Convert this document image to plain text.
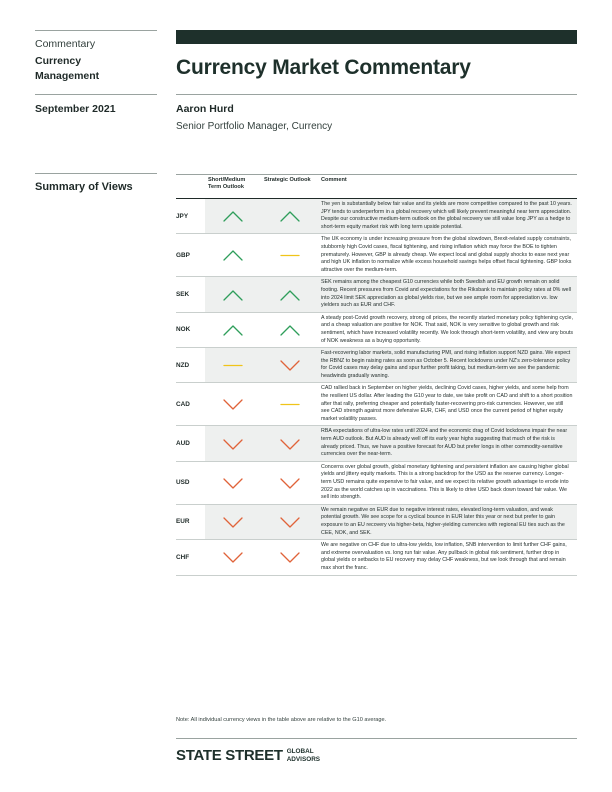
Commentary
Currency Management
September 2021
Summary of Views
Currency Market Commentary
Aaron Hurd
Senior Portfolio Manager, Currency
	Short/Medium Term Outlook	Strategic Outlook	Comment
JPY			The yen is substantially below fair value and its yields are more competitive compared to the past 10 years. JPY tends to underperform in a global recovery which will likely prevent meaningful near term appreciation. Despite our constructive medium-term outlook on the global recovery we still value long JPY as a hedge to short-term equity market risk with long term upside potential.
GBP			The UK economy is under increasing pressure from the global slowdown, Brexit-related supply constraints, stubbornly high Covid cases, fiscal tightening, and rising inflation which may force the BOE to tighten prematurely. However, GBP is already cheap. We expect local and global supply shocks to ease next year and high UK inflation to normalize while excess household savings helps offset fiscal tightening. GBP looks attractive over the medium-term.
SEK			SEK remains among the cheapest G10 currencies while both Swedish and EU growth remain on solid footing. Recent pressures from Covid and expectations for the Riksbank to maintain policy rates at 0% well into 2024 limit SEK appreciation as global yields rise, but we see ample room for appreciation vs. low yielders such as EUR and CHF.
NOK			A steady post-Covid growth recovery, strong oil prices, the recently started monetary policy tightening cycle, and a cheap valuation are positive for NOK. That said, NOK is very sensitive to global growth and risk sentiment, which have increased volatility recently. We look through short-term volatility, and view any bouts of NOK weakness as a buying opportunity.
NZD			Fast-recovering labor markets, solid manufacturing PMI, and rising inflation support NZD gains. We expect the RBNZ to begin raising rates as soon as October 5. Recent lockdowns under NZ's zero-tolerance policy for Covid cases may delay gains and spur further profit taking, but medium-term we see the pandemic headwinds gradually waning.
CAD			CAD rallied back in September on higher yields, declining Covid cases, higher yields, and some help from the resilient US dollar. After leading the G10 year to date, we take profit on CAD and shift to a short position after that rally, preferring cheaper and potentially faster-recovering pro-risk currencies. However, we still see CAD strength against more defensive EUR, CHF, and USD once the current period of higher equity market volatility passes.
AUD			RBA expectations of ultra-low rates until 2024 and the economic drag of Covid lockdowns impair the near term AUD outlook. But AUD is already well off its early year highs suggesting that much of the risk is already priced. Thus, we have a positive forecast for AUD but prefer longs in other commodity-sensitive currencies over the near-term.
USD			Concerns over global growth, global monetary tightening and persistent inflation are causing higher global yields and jittery equity markets. This is a strong backdrop for the USD as the reserve currency. Longer-term USD remains quite expensive to fair value, and we expect its relative growth advantage to erode into 2022 as the world catches up in vaccinations. This is likely to drive USD back down toward fair value. We sell into strength.
EUR			We remain negative on EUR due to negative interest rates, elevated long-term valuation, and weak potential growth. We see scope for a cyclical bounce in EUR later this year or next but prefer to gain exposure to an EU recovery via higher-beta, higher-yielding currencies with regional EU ties such as the CEE, NOK, and SEK.
CHF			We are negative on CHF due to ultra-low yields, low inflation, SNB intervention to limit further CHF gains, and extreme overvaluation vs. long run fair value. Any pullback in global risk sentiment, further drop in global yields or setbacks to EU recovery may delay CHF weakness, but we look through that and remain max short the franc.
Note: All individual currency views in the table above are relative to the G10 average.
STATE STREET GLOBAL
ADVISORS
